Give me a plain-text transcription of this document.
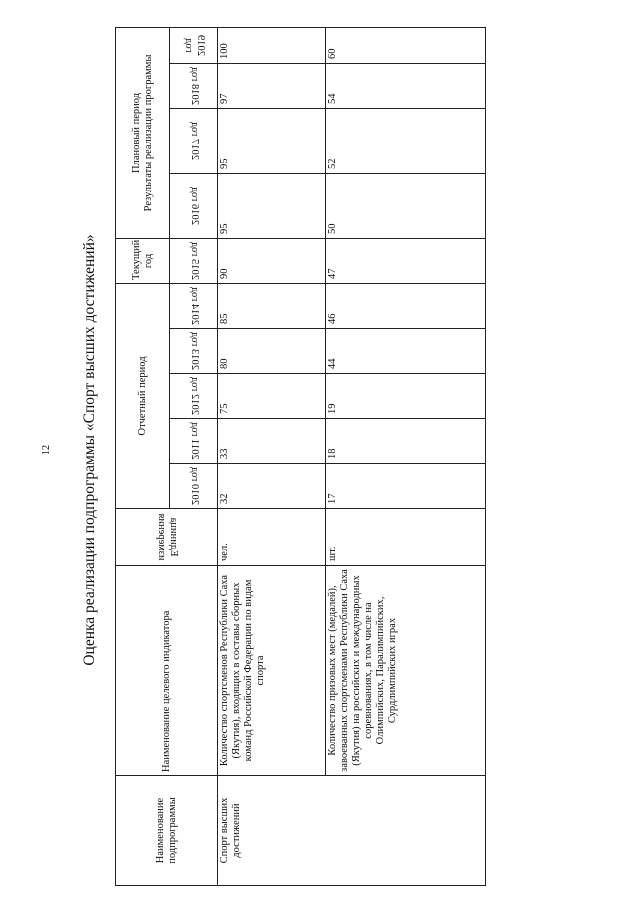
12 Оценка реализации подпрограммы «Спорт высших достижений»
Наименование подпрограммы	Наименование целевого индикатора	Единица измерения	Отчетный период					Текущий год	Плановый период Результаты реализации программы			

			2010 год	2011 год	2012 год	2013 год	2014 год	2015 год	2016 год	2017 год	2018 год	2019 год
Спорт высших достижений	Количество спортсменов Республики Саха (Якутия), входящих в составы сборных команд Российской Федерации по видам спорта	чел.	32	33	75	80	85	90	95	95	97	100
	Количество призовых мест (медалей), завоеванных спортсменами Республики Саха (Якутия) на российских и международных соревнованиях, в том числе на Олимпийских, Паралимпийских, Сурдлимпийских играх	шт.	17	18	19	44	46	47	50	52	54	60
